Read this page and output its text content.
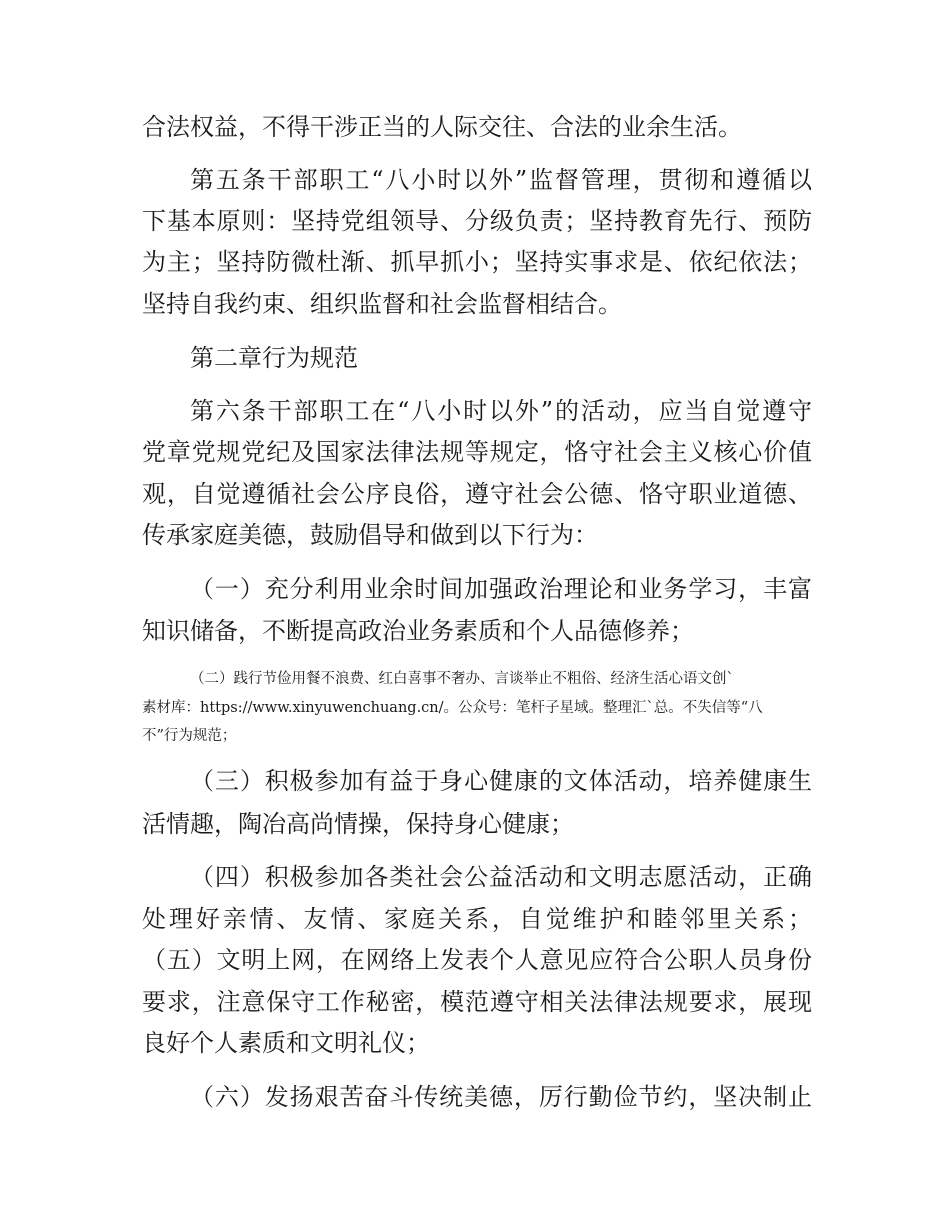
合法权益，不得干涉正当的人际交往、合法的业余生活。
第五条干部职工“八小时以外”监督管理，贯彻和遵循以
下基本原则：坚持党组领导、分级负责；坚持教育先行、预防
为主；坚持防微杜渐、抓早抓小；坚持实事求是、依纪依法；
坚持自我约束、组织监督和社会监督相结合。
第二章行为规范
第六条干部职工在“八小时以外”的活动，应当自觉遵守
党章党规党纪及国家法律法规等规定，恪守社会主义核心价值
观，自觉遵循社会公序良俗，遵守社会公德、恪守职业道德、
传承家庭美德，鼓励倡导和做到以下行为：
（一）充分利用业余时间加强政治理论和业务学习，丰富
知识储备，不断提高政治业务素质和个人品德修养；
（二）践行节俭用餐不浪费、红白喜事不奢办、言谈举止不粗俗、经济生活心语文创`
素材库：https://www.xinyuwenchuang.cn/。公众号：笔杆子星域。整理汇`总。不失信等“八
不”行为规范；
（三）积极参加有益于身心健康的文体活动，培养健康生
活情趣，陶冶高尚情操，保持身心健康；
（四）积极参加各类社会公益活动和文明志愿活动，正确
处理好亲情、友情、家庭关系，自觉维护和睦邻里关系；
（五）文明上网，在网络上发表个人意见应符合公职人员身份
要求，注意保守工作秘密，模范遵守相关法律法规要求，展现
良好个人素质和文明礼仪；
（六）发扬艰苦奋斗传统美德，厉行勤俭节约，坚决制止
